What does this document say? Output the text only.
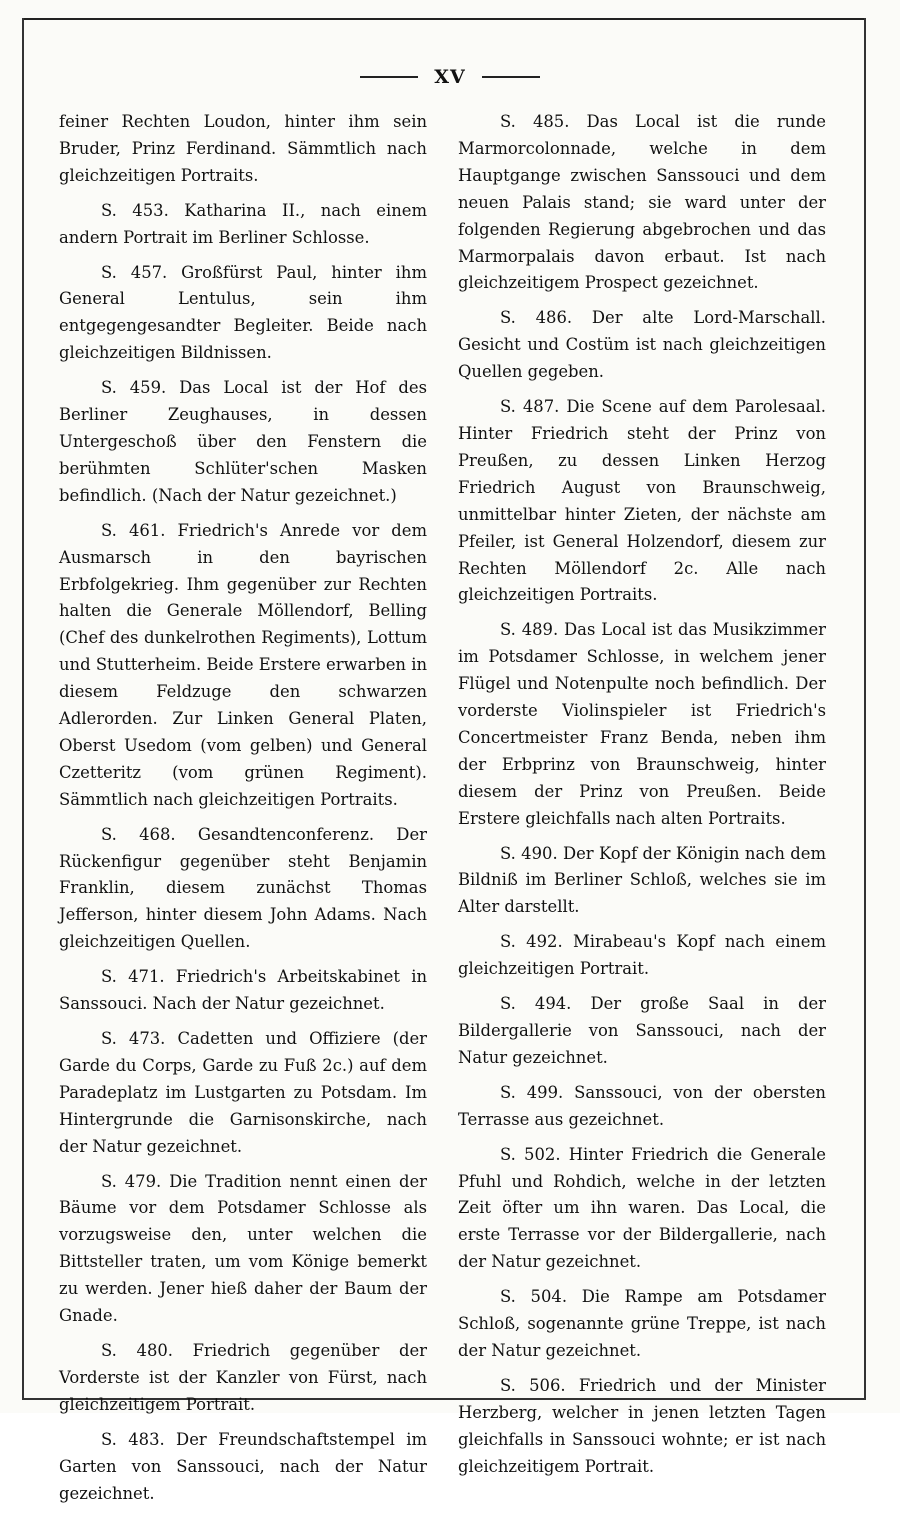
XV

feiner Rechten Loudon, hinter ihm sein Bruder, Prinz Ferdinand. Sämmtlich nach gleichzeitigen Portraits.

S. 453. Katharina II., nach einem andern Portrait im Berliner Schlosse.

S. 457. Großfürst Paul, hinter ihm General Lentulus, sein ihm entgegengesandter Begleiter. Beide nach gleichzeitigen Bildnissen.

S. 459. Das Local ist der Hof des Berliner Zeughauses, in dessen Untergeschoß über den Fenstern die berühmten Schlüter'schen Masken befindlich. (Nach der Natur gezeichnet.)

S. 461. Friedrich's Anrede vor dem Ausmarsch in den bayrischen Erbfolgekrieg. Ihm gegenüber zur Rechten halten die Generale Möllendorf, Belling (Chef des dunkelrothen Regiments), Lottum und Stutterheim. Beide Erstere erwarben in diesem Feldzuge den schwarzen Adlerorden. Zur Linken General Platen, Oberst Usedom (vom gelben) und General Czetteritz (vom grünen Regiment). Sämmtlich nach gleichzeitigen Portraits.

S. 468. Gesandtenconferenz. Der Rückenfigur gegenüber steht Benjamin Franklin, diesem zunächst Thomas Jefferson, hinter diesem John Adams. Nach gleichzeitigen Quellen.

S. 471. Friedrich's Arbeitskabinet in Sanssouci. Nach der Natur gezeichnet.

S. 473. Cadetten und Offiziere (der Garde du Corps, Garde zu Fuß 2c.) auf dem Paradeplatz im Lustgarten zu Potsdam. Im Hintergrunde die Garnisonskirche, nach der Natur gezeichnet.

S. 479. Die Tradition nennt einen der Bäume vor dem Potsdamer Schlosse als vorzugsweise den, unter welchen die Bittsteller traten, um vom Könige bemerkt zu werden. Jener hieß daher der Baum der Gnade.

S. 480. Friedrich gegenüber der Vorderste ist der Kanzler von Fürst, nach gleichzeitigem Portrait.

S. 483. Der Freundschaftstempel im Garten von Sanssouci, nach der Natur gezeichnet.

S. 485. Das Local ist die runde Marmorcolonnade, welche in dem Hauptgange zwischen Sanssouci und dem neuen Palais stand; sie ward unter der folgenden Regierung abgebrochen und das Marmorpalais davon erbaut. Ist nach gleichzeitigem Prospect gezeichnet.

S. 486. Der alte Lord-Marschall. Gesicht und Costüm ist nach gleichzeitigen Quellen gegeben.

S. 487. Die Scene auf dem Parolesaal. Hinter Friedrich steht der Prinz von Preußen, zu dessen Linken Herzog Friedrich August von Braunschweig, unmittelbar hinter Zieten, der nächste am Pfeiler, ist General Holzendorf, diesem zur Rechten Möllendorf 2c. Alle nach gleichzeitigen Portraits.

S. 489. Das Local ist das Musikzimmer im Potsdamer Schlosse, in welchem jener Flügel und Notenpulte noch befindlich. Der vorderste Violinspieler ist Friedrich's Concertmeister Franz Benda, neben ihm der Erbprinz von Braunschweig, hinter diesem der Prinz von Preußen. Beide Erstere gleichfalls nach alten Portraits.

S. 490. Der Kopf der Königin nach dem Bildniß im Berliner Schloß, welches sie im Alter darstellt.

S. 492. Mirabeau's Kopf nach einem gleichzeitigen Portrait.

S. 494. Der große Saal in der Bildergallerie von Sanssouci, nach der Natur gezeichnet.

S. 499. Sanssouci, von der obersten Terrasse aus gezeichnet.

S. 502. Hinter Friedrich die Generale Pfuhl und Rohdich, welche in der letzten Zeit öfter um ihn waren. Das Local, die erste Terrasse vor der Bildergallerie, nach der Natur gezeichnet.

S. 504. Die Rampe am Potsdamer Schloß, sogenannte grüne Treppe, ist nach der Natur gezeichnet.

S. 506. Friedrich und der Minister Herzberg, welcher in jenen letzten Tagen gleichfalls in Sanssouci wohnte; er ist nach gleichzeitigem Portrait.
